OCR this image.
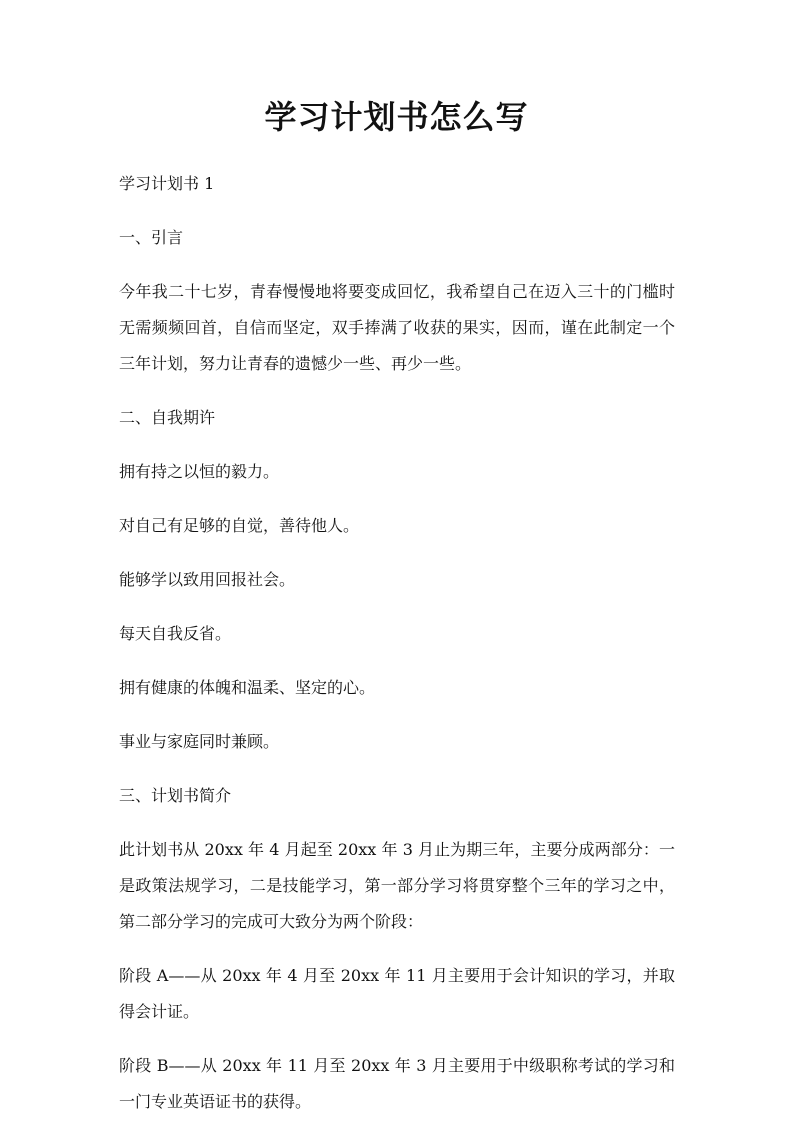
学习计划书怎么写

学习计划书 1

一、引言

今年我二十七岁，青春慢慢地将要变成回忆，我希望自己在迈入三十的门槛时无需频频回首，自信而坚定，双手捧满了收获的果实，因而，谨在此制定一个三年计划，努力让青春的遗憾少一些、再少一些。

二、自我期许

拥有持之以恒的毅力。

对自己有足够的自觉，善待他人。

能够学以致用回报社会。

每天自我反省。

拥有健康的体魄和温柔、坚定的心。

事业与家庭同时兼顾。

三、计划书简介

此计划书从 20xx 年 4 月起至 20xx 年 3 月止为期三年，主要分成两部分：一是政策法规学习，二是技能学习，第一部分学习将贯穿整个三年的学习之中，第二部分学习的完成可大致分为两个阶段：

阶段 A——从 20xx 年 4 月至 20xx 年 11 月主要用于会计知识的学习，并取得会计证。

阶段 B——从 20xx 年 11 月至 20xx 年 3 月主要用于中级职称考试的学习和一门专业英语证书的获得。
